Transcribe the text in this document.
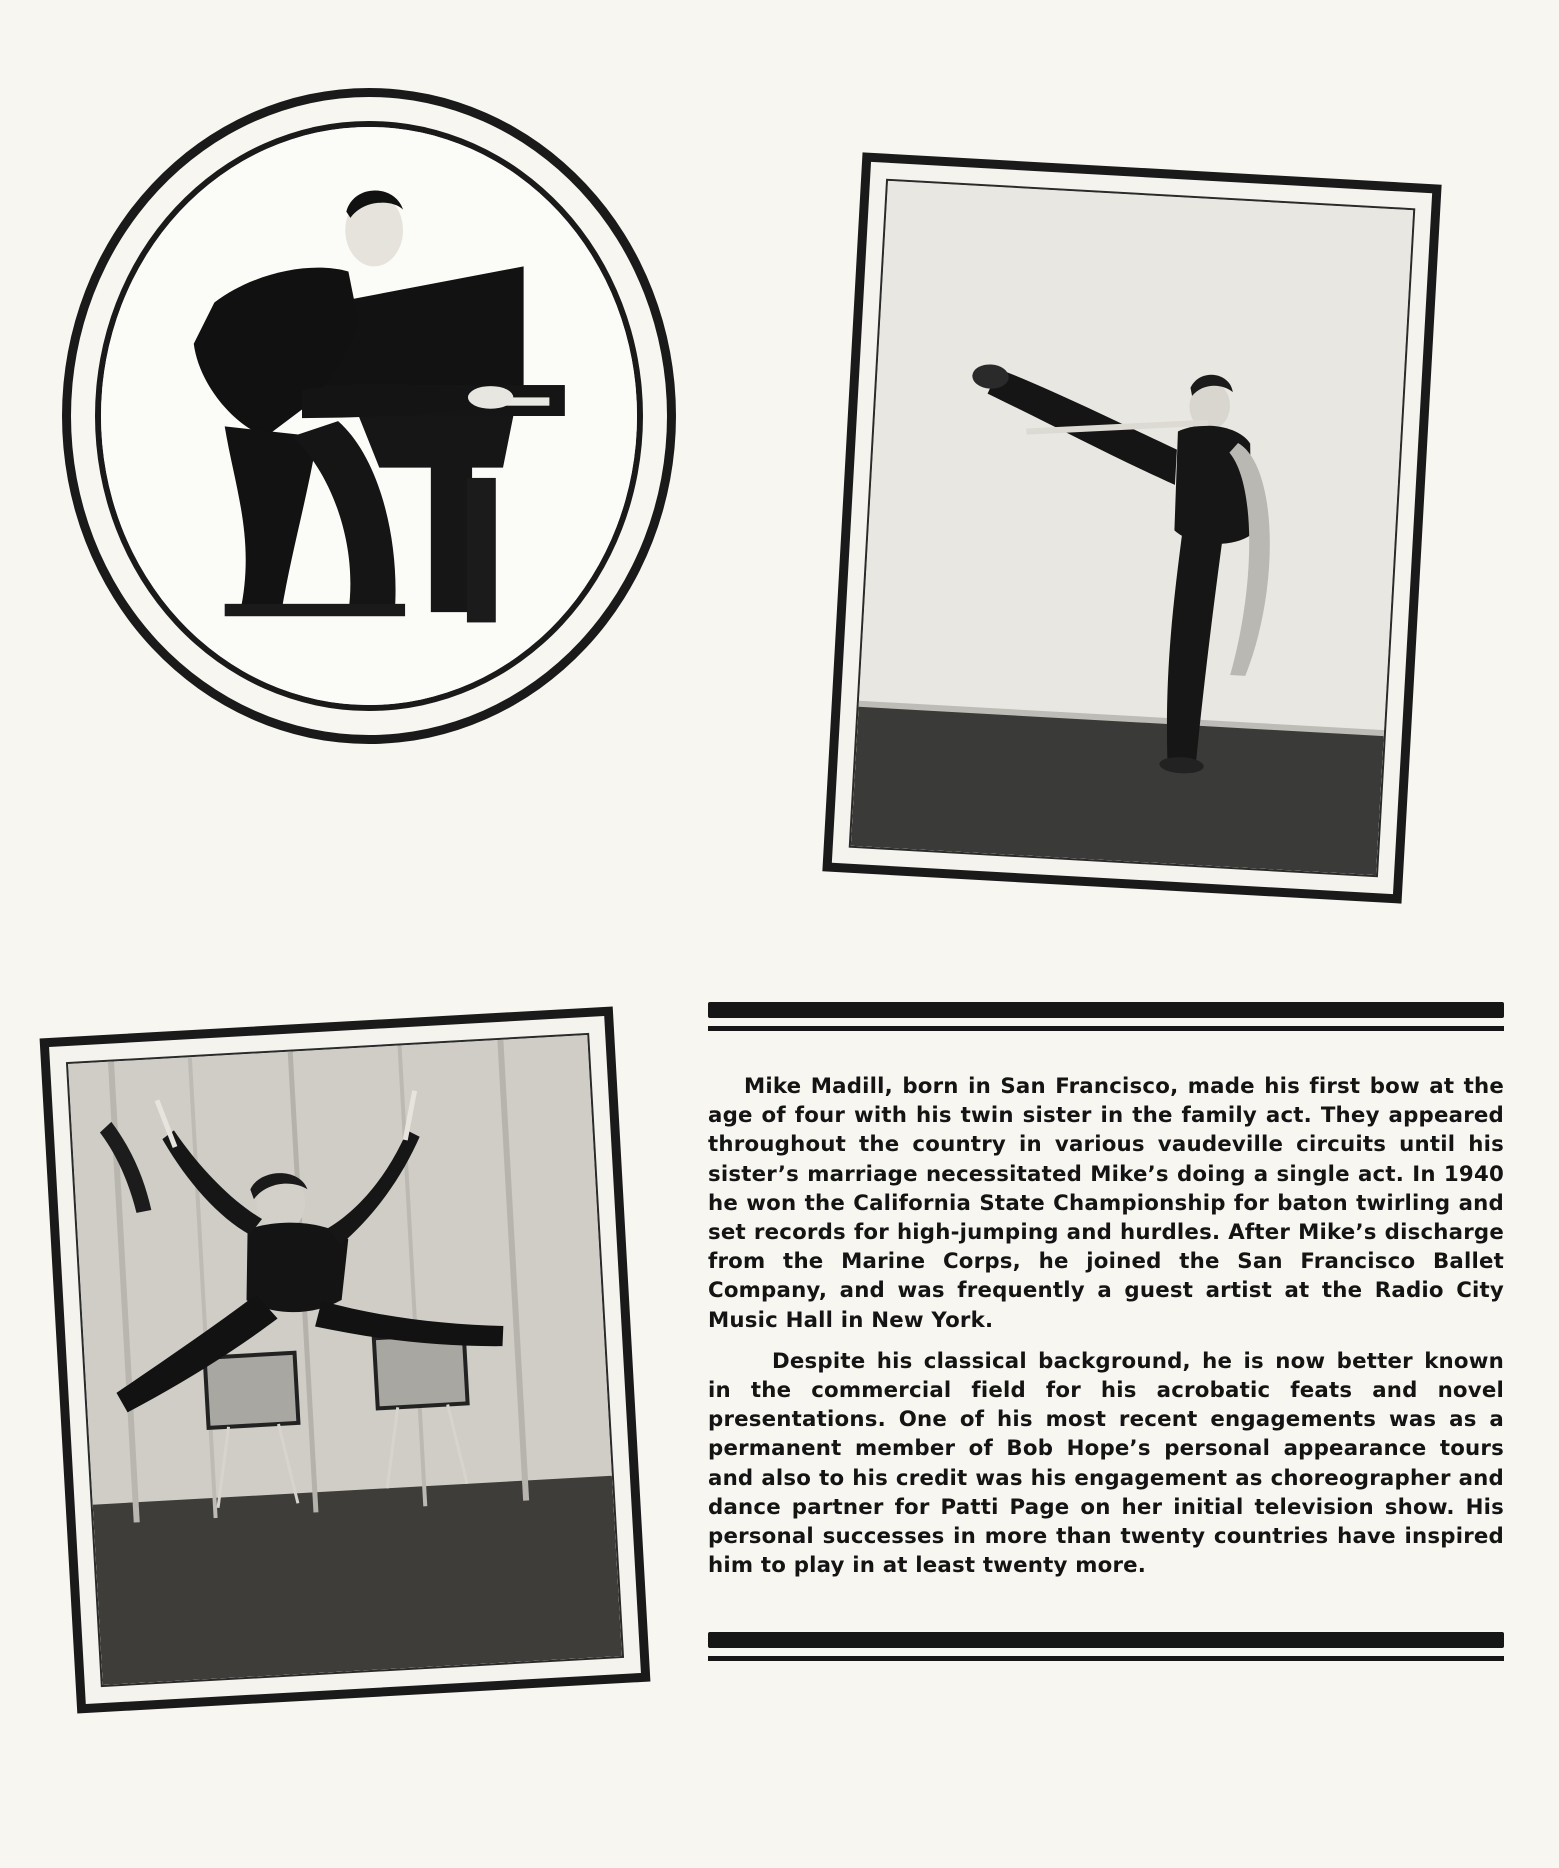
Mike Madill, born in San Francisco, made his first bow at the age of four with his twin sister in the family act. They appeared throughout the country in various vaudeville circuits until his sister’s marriage necessitated Mike’s doing a single act. In 1940 he won the California State Championship for baton twirling and set records for high-jumping and hurdles. After Mike’s discharge from the Marine Corps, he joined the San Francisco Ballet Company, and was frequently a guest artist at the Radio City Music Hall in New York.

Despite his classical background, he is now better known in the commercial field for his acrobatic feats and novel presentations. One of his most recent engagements was as a permanent member of Bob Hope’s personal appearance tours and also to his credit was his engagement as choreographer and dance partner for Patti Page on her initial television show. His personal successes in more than twenty countries have inspired him to play in at least twenty more.
